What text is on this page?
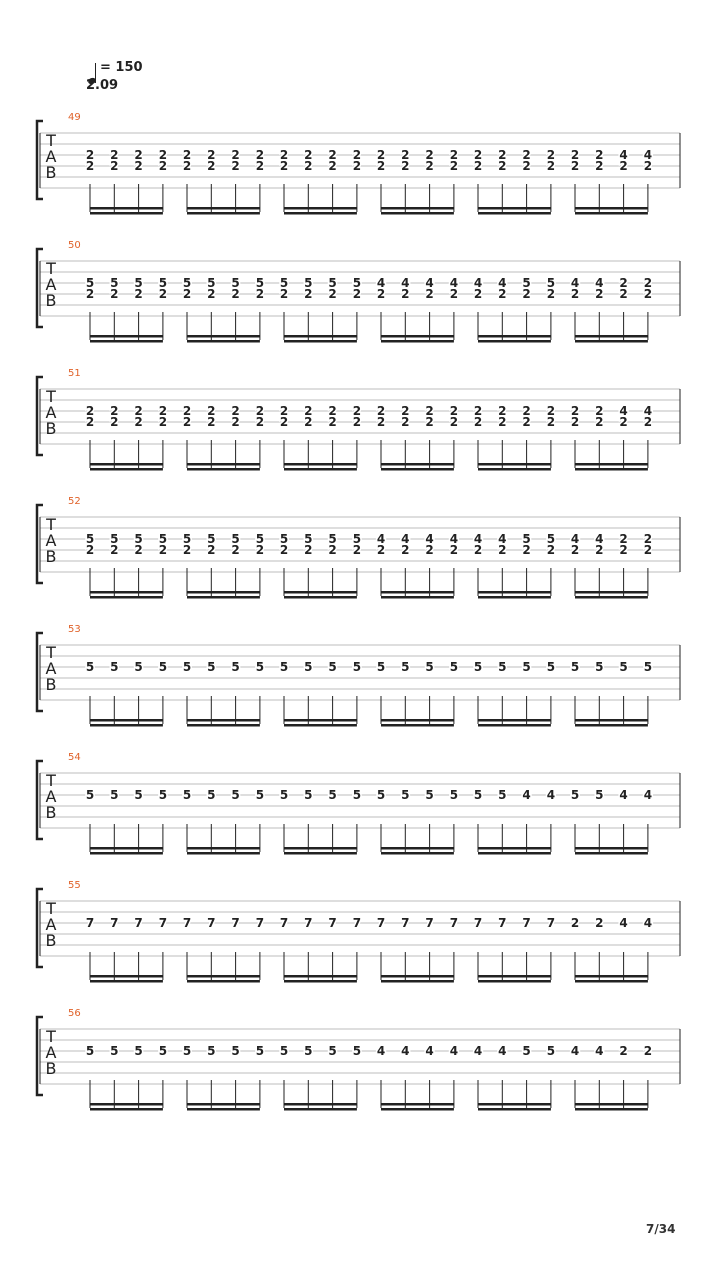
= 150
2.09
T
A
B
49
2
2
2
2
2
2
2
2
2
2
2
2
2
2
2
2
2
2
2
2
2
2
2
2
2
2
2
2
2
2
2
2
2
2
2
2
2
2
2
2
2
2
2
2
4
2
4
2
T
A
B
50
5
2
5
2
5
2
5
2
5
2
5
2
5
2
5
2
5
2
5
2
5
2
5
2
4
2
4
2
4
2
4
2
4
2
4
2
5
2
5
2
4
2
4
2
2
2
2
2
T
A
B
51
2
2
2
2
2
2
2
2
2
2
2
2
2
2
2
2
2
2
2
2
2
2
2
2
2
2
2
2
2
2
2
2
2
2
2
2
2
2
2
2
2
2
2
2
4
2
4
2
T
A
B
52
5
2
5
2
5
2
5
2
5
2
5
2
5
2
5
2
5
2
5
2
5
2
5
2
4
2
4
2
4
2
4
2
4
2
4
2
5
2
5
2
4
2
4
2
2
2
2
2
T
A
B
53
5 5 5 5 5 5 5 5 5 5 5 5 5 5 5 5 5 5 5 5 5 5 5 5
T
A
B
54
5 5 5 5 5 5 5 5 5 5 5 5 5 5 5 5 5 5 4 4 5 5 4 4
T
A
B
55
7 7 7 7 7 7 7 7 7 7 7 7 7 7 7 7 7 7 7 7 2 2 4 4
T
A
B
56
5 5 5 5 5 5 5 5 5 5 5 5 4 4 4 4 4 4 5 5 4 4 2 2
7/34
